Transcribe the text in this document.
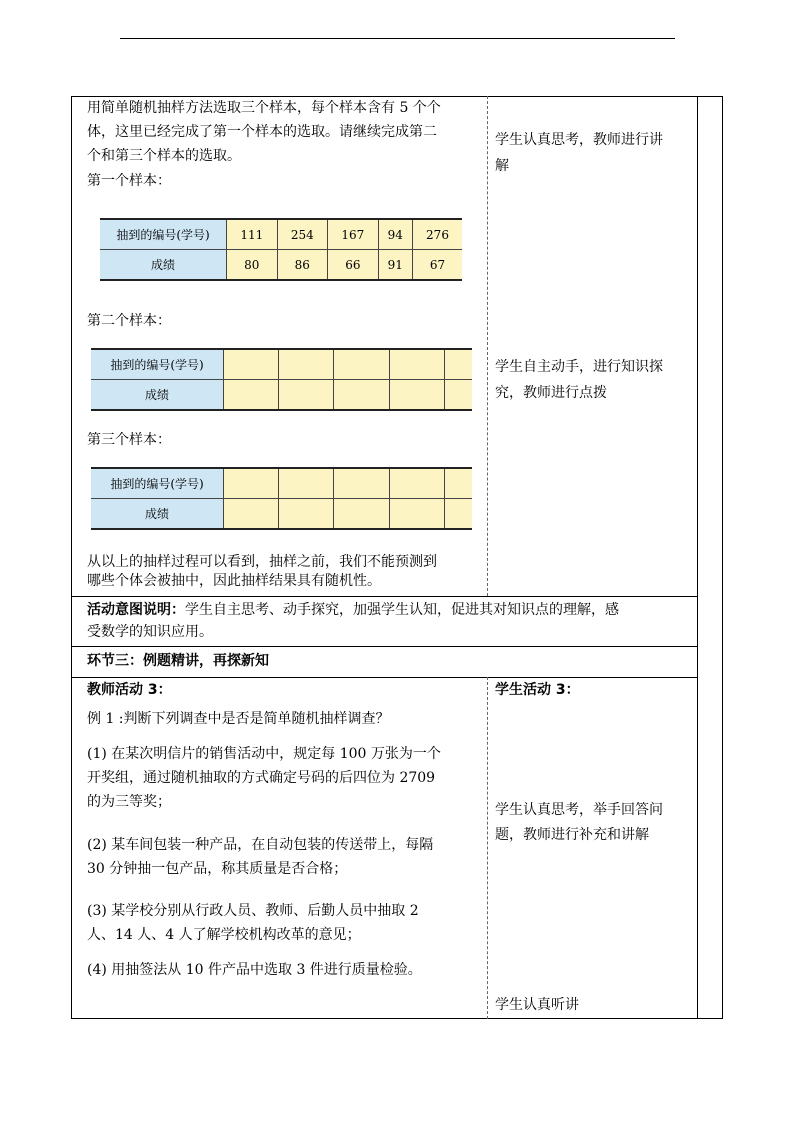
用简单随机抽样方法选取三个样本，每个样本含有 5 个个
体，这里已经完成了第一个样本的选取。请继续完成第二
个和第三个样本的选取。
第一个样本：
抽到的编号(学号)	111	254	167	94	276
成绩	80	86	66	91	67
第二个样本：
抽到的编号(学号)					
成绩					
第三个样本：
抽到的编号(学号)					
成绩					
从以上的抽样过程可以看到，抽样之前，我们不能预测到
哪些个体会被抽中，因此抽样结果具有随机性。
学生认真思考，教师进行讲
解
学生自主动手，进行知识探
究，教师进行点拨
活动意图说明：学生自主思考、动手探究，加强学生认知，促进其对知识点的理解，感
受数学的知识应用。
环节三：例题精讲，再探新知
教师活动 3：
例 1 :判断下列调查中是否是简单随机抽样调查？
(1) 在某次明信片的销售活动中，规定每 100 万张为一个
开奖组，通过随机抽取的方式确定号码的后四位为 2709
的为三等奖；
(2) 某车间包装一种产品，在自动包装的传送带上，每隔
30 分钟抽一包产品，称其质量是否合格；
(3) 某学校分别从行政人员、教师、后勤人员中抽取 2
人、14 人、4 人了解学校机构改革的意见；
(4) 用抽签法从 10 件产品中选取 3 件进行质量检验。
学生活动 3：
学生认真思考，举手回答问
题，教师进行补充和讲解
学生认真听讲
